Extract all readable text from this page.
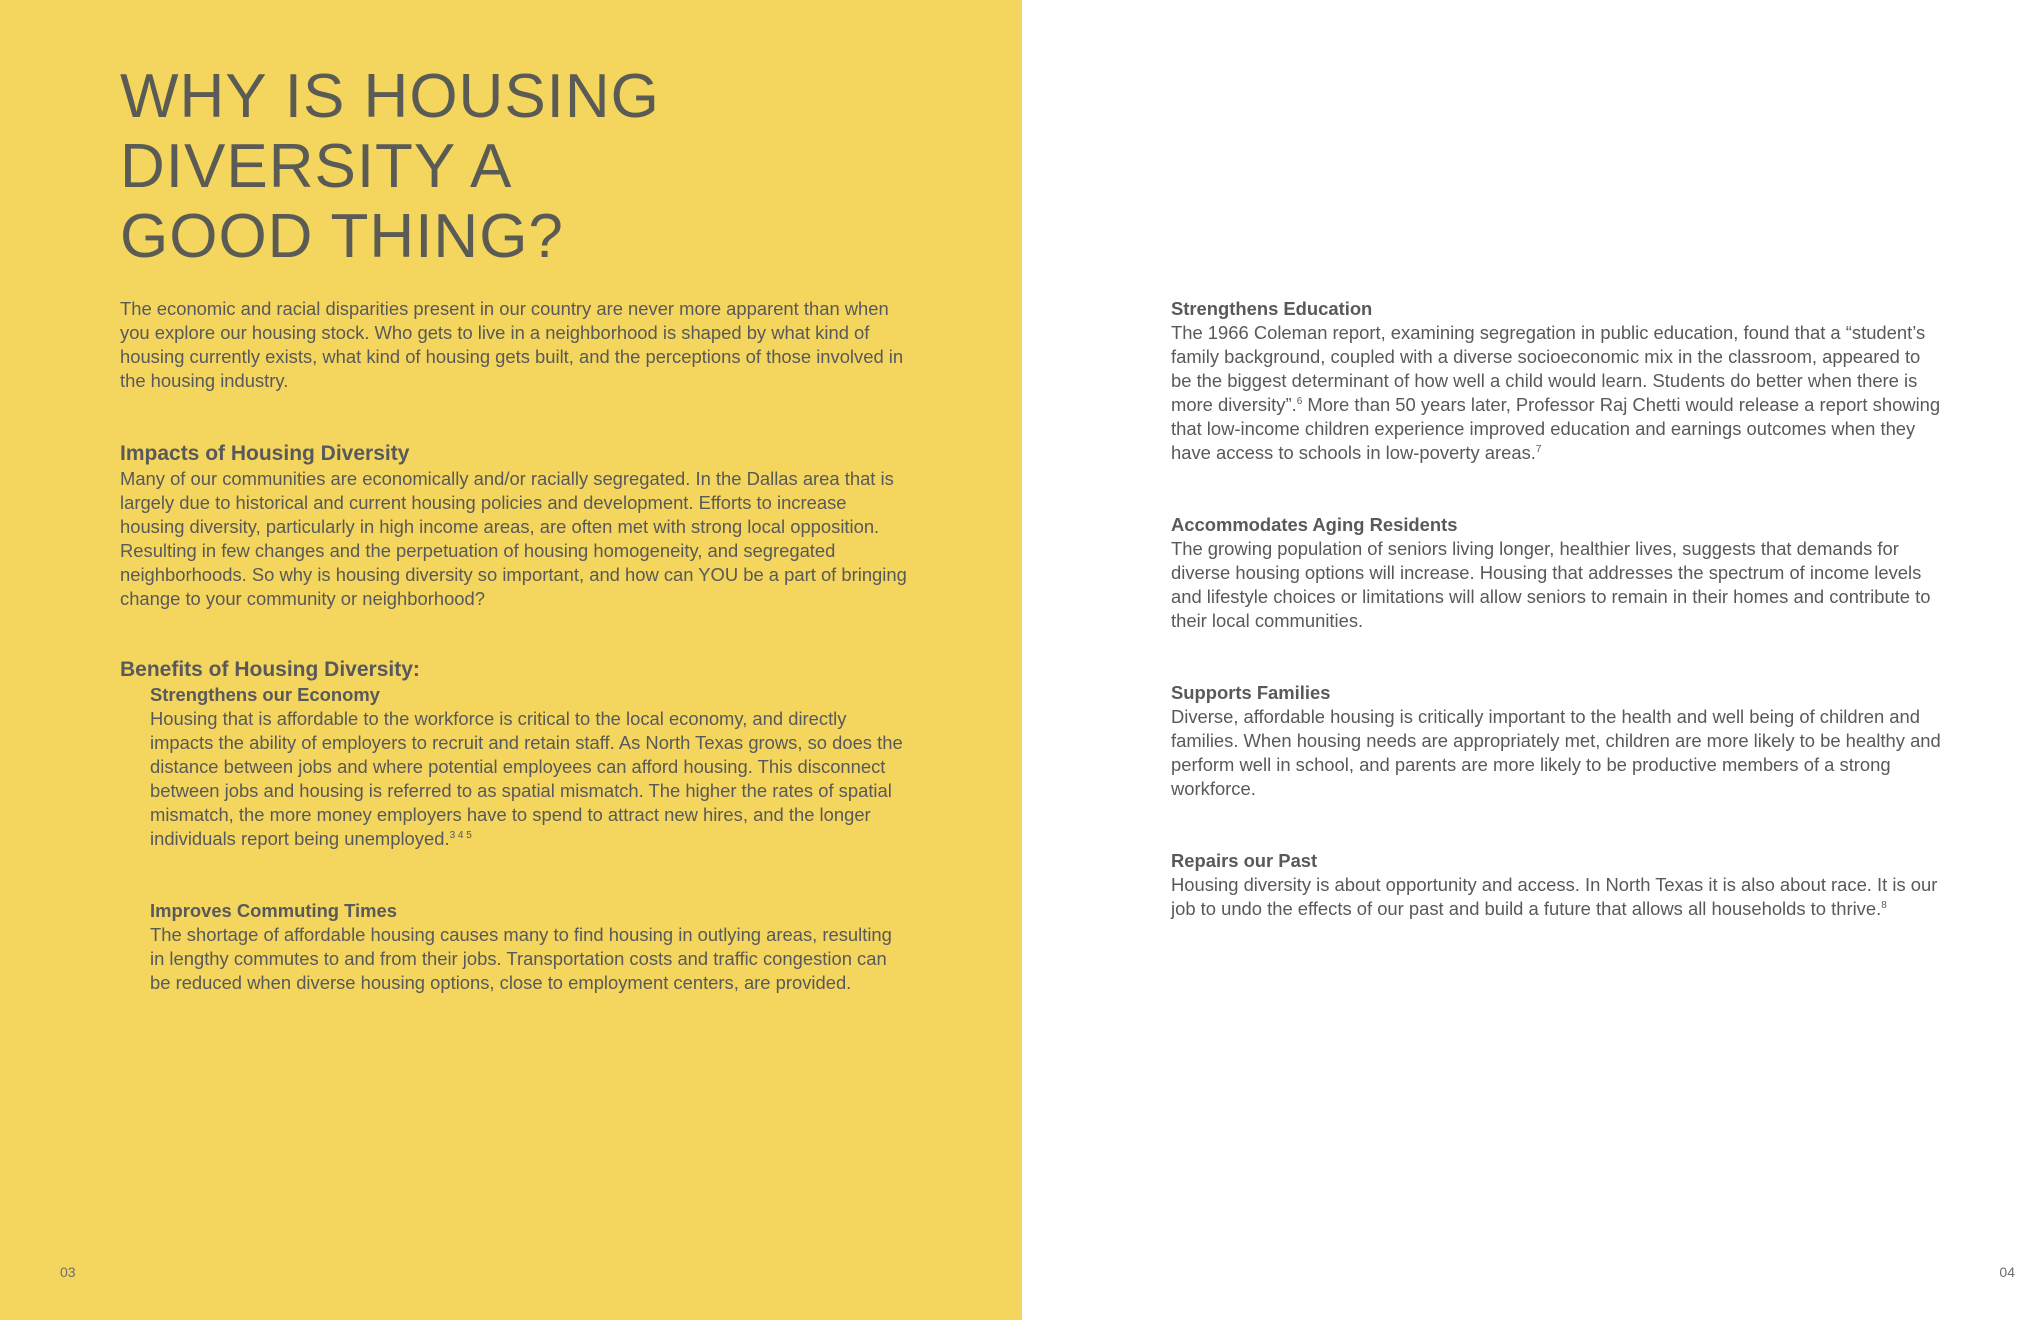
WHY IS HOUSING
DIVERSITY A
GOOD THING?

The economic and racial disparities present in our country are never more apparent than when you explore our housing stock. Who gets to live in a neighborhood is shaped by what kind of housing currently exists, what kind of housing gets built, and the perceptions of those involved in the housing industry.

Impacts of Housing Diversity

Many of our communities are economically and/or racially segregated. In the Dallas area that is largely due to historical and current housing policies and development. Efforts to increase housing diversity, particularly in high income areas, are often met with strong local opposition. Resulting in few changes and the perpetuation of housing homogeneity, and segregated neighborhoods. So why is housing diversity so important, and how can YOU be a part of bringing change to your community or neighborhood?

Benefits of Housing Diversity:
Strengthens our Economy

Housing that is affordable to the workforce is critical to the local economy, and directly impacts the ability of employers to recruit and retain staff. As North Texas grows, so does the distance between jobs and where potential employees can afford housing. This disconnect between jobs and housing is referred to as spatial mismatch. The higher the rates of spatial mismatch, the more money employers have to spend to attract new hires, and the longer individuals report being unemployed.$^{3 4 5}$

Improves Commuting Times

The shortage of affordable housing causes many to find housing in outlying areas, resulting in lengthy commutes to and from their jobs. Transportation costs and traffic congestion can be reduced when diverse housing options, close to employment centers, are provided.

03

Strengthens Education

The 1966 Coleman report, examining segregation in public education, found that a “student’s family background, coupled with a diverse socioeconomic mix in the classroom, appeared to be the biggest determinant of how well a child would learn. Students do better when there is more diversity”.$^6$ More than 50 years later, Professor Raj Chetti would release a report showing that low-income children experience improved education and earnings outcomes when they have access to schools in low-poverty areas.$^7$

Accommodates Aging Residents

The growing population of seniors living longer, healthier lives, suggests that demands for diverse housing options will increase. Housing that addresses the spectrum of income levels and lifestyle choices or limitations will allow seniors to remain in their homes and contribute to their local communities.

Supports Families

Diverse, affordable housing is critically important to the health and well being of children and families. When housing needs are appropriately met, children are more likely to be healthy and perform well in school, and parents are more likely to be productive members of a strong workforce.

Repairs our Past

Housing diversity is about opportunity and access. In North Texas it is also about race. It is our job to undo the effects of our past and build a future that allows all households to thrive.$^8$

04
